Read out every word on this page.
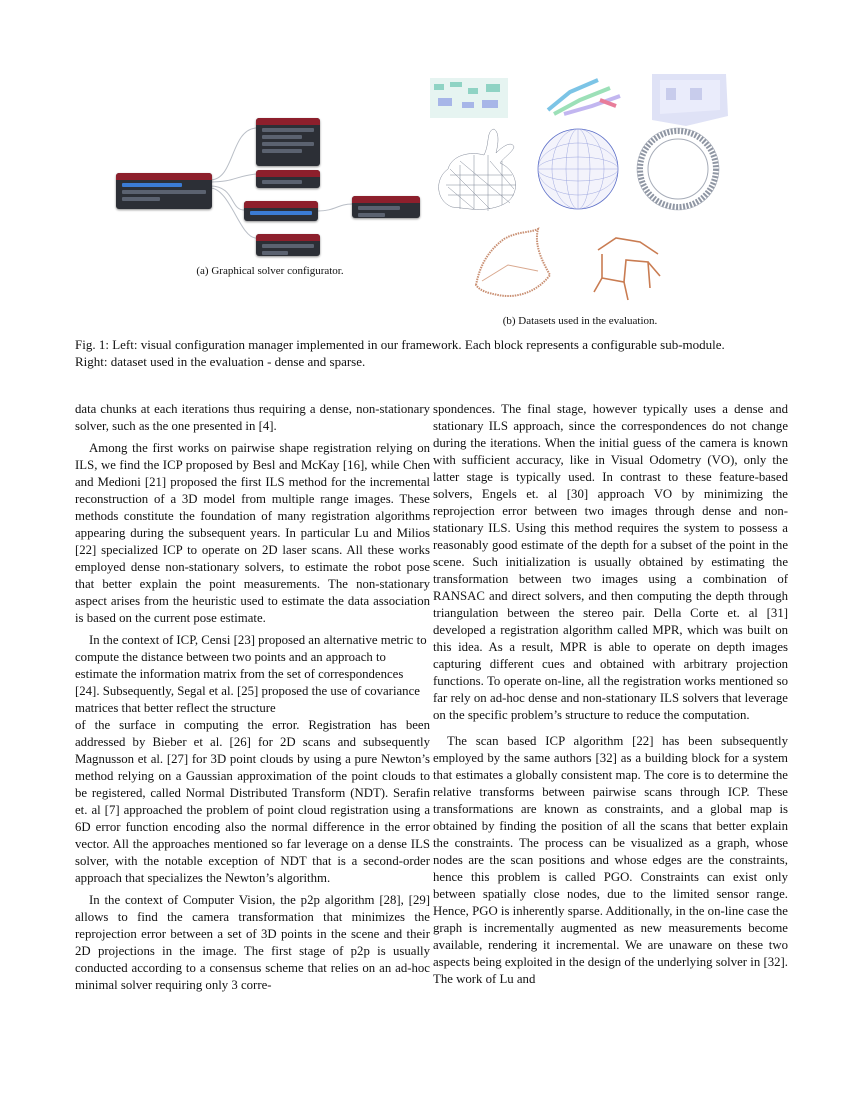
(a) Graphical solver configurator.
(b) Datasets used in the evaluation.
Fig. 1: Left: visual configuration manager implemented in our framework. Each block represents a configurable sub-module.
Right: dataset used in the evaluation - dense and sparse.

data chunks at each iterations thus requiring a dense, non-stationary solver, such as the one presented in [4].

Among the first works on pairwise shape registration relying on ILS, we find the ICP proposed by Besl and McKay [16], while Chen and Medioni [21] proposed the first ILS method for the incremental reconstruction of a 3D model from multiple range images. These methods constitute the foundation of many registration algorithms appearing during the subsequent years. In particular Lu and Milios [22] specialized ICP to operate on 2D laser scans. All these works employed dense non-stationary solvers, to estimate the robot pose that better explain the point measurements. The non-stationary aspect arises from the heuristic used to estimate the data association is based on the current pose estimate.

In the context of ICP, Censi [23] proposed an alternative metric to compute the distance between two points and an approach to estimate the information matrix from the set of correspondences [24]. Subsequently, Segal et al. [25] proposed the use of covariance matrices that better reflect the structure

of the surface in computing the error. Registration has been addressed by Bieber et al. [26] for 2D scans and subsequently Magnusson et al. [27] for 3D point clouds by using a pure Newton’s method relying on a Gaussian approximation of the point clouds to be registered, called Normal Distributed Transform (NDT). Serafin et. al [7] approached the problem of point cloud registration using a 6D error function encoding also the normal difference in the error vector. All the approaches mentioned so far leverage on a dense ILS solver, with the notable exception of NDT that is a second-order approach that specializes the Newton’s algorithm.

In the context of Computer Vision, the p2p algorithm [28], [29] allows to find the camera transformation that minimizes the reprojection error between a set of 3D points in the scene and their 2D projections in the image. The first stage of p2p is usually conducted according to a consensus scheme that relies on an ad-hoc minimal solver requiring only 3 corre-

spondences. The final stage, however typically uses a dense and stationary ILS approach, since the correspondences do not change during the iterations. When the initial guess of the camera is known with sufficient accuracy, like in Visual Odometry (VO), only the latter stage is typically used. In contrast to these feature-based solvers, Engels et. al [30] approach VO by minimizing the reprojection error between two images through dense and non-stationary ILS. Using this method requires the system to possess a reasonably good estimate of the depth for a subset of the point in the scene. Such initialization is usually obtained by estimating the transformation between two images using a combination of RANSAC and direct solvers, and then computing the depth through triangulation between the stereo pair. Della Corte et. al [31] developed a registration algorithm called MPR, which was built on this idea. As a result, MPR is able to operate on depth images capturing different cues and obtained with arbitrary projection functions. To operate on-line, all the registration works mentioned so far rely on ad-hoc dense and non-stationary ILS solvers that leverage on the specific problem’s structure to reduce the computation.

The scan based ICP algorithm [22] has been subsequently employed by the same authors [32] as a building block for a system that estimates a globally consistent map. The core is to determine the relative transforms between pairwise scans through ICP. These transformations are known as constraints, and a global map is obtained by finding the position of all the scans that better explain the constraints. The process can be visualized as a graph, whose nodes are the scan positions and whose edges are the constraints, hence this problem is called PGO. Constraints can exist only between spatially close nodes, due to the limited sensor range. Hence, PGO is inherently sparse. Additionally, in the on-line case the graph is incrementally augmented as new measurements become available, rendering it incremental. We are unaware on these two aspects being exploited in the design of the underlying solver in [32]. The work of Lu and
